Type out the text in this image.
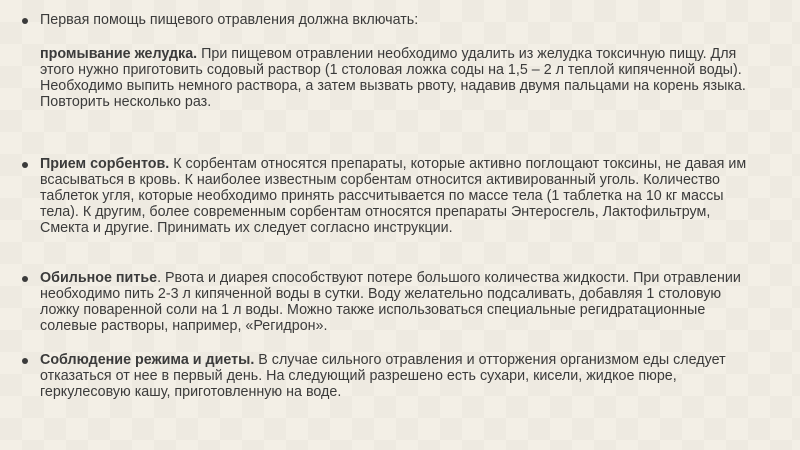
Первая помощь пищевого отравления должна включать:
промывание желудка. При пищевом отравлении необходимо удалить из желудка токсичную пищу. Для этого нужно приготовить содовый раствор (1 столовая ложка соды на 1,5 – 2 л теплой кипяченной воды). Необходимо выпить немного раствора, а затем вызвать рвоту, надавив двумя пальцами на корень языка. Повторить несколько раз.
Прием сорбентов. К сорбентам относятся препараты, которые активно поглощают токсины, не давая им всасываться в кровь. К наиболее известным сорбентам относится активированный уголь. Количество таблеток угля, которые необходимо принять рассчитывается по массе тела (1 таблетка на 10 кг массы тела). К другим, более современным сорбентам относятся препараты Энтеросгель, Лактофильтрум, Смекта и другие. Принимать их следует согласно инструкции.
Обильное питье. Рвота и диарея способствуют потере большого количества жидкости. При отравлении необходимо пить 2-3 л кипяченной воды в сутки. Воду желательно подсаливать, добавляя 1 столовую ложку поваренной соли на 1 л воды. Можно также использоваться специальные регидратационные солевые растворы, например, «Регидрон».
Соблюдение режима и диеты. В случае сильного отравления и отторжения организмом еды следует отказаться от нее в первый день. На следующий разрешено есть сухари, кисели, жидкое пюре, геркулесовую кашу, приготовленную на воде.
